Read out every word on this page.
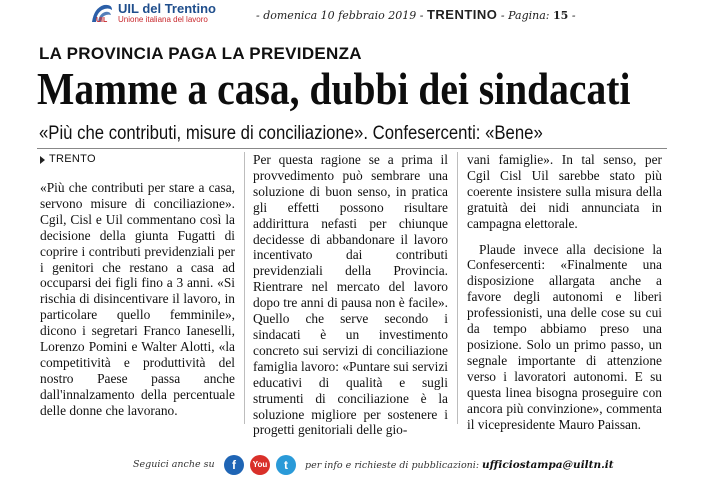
UIL
UIL del Trentino
Unione italiana del lavoro	- domenica 10 febbraio 2019 - TRENTINO - Pagina: 15 -
LA PROVINCIA PAGA LA PREVIDENZA
Mamme a casa, dubbi dei sindacati
«Più che contributi, misure di conciliazione». Confesercenti: «Bene»
TRENTO

«Più che contributi per stare a casa, servono misure di conciliazione». Cgil, Cisl e Uil commentano così la decisione della giunta Fugatti di coprire i contributi previdenziali per i genitori che restano a casa ad occuparsi dei figli fino a 3 anni. «Si rischia di disincentivare il lavoro, in particolare quello femminile», dicono i segretari Franco Ianeselli, Lorenzo Pomini e Walter Alotti, «la competitività e produttività del nostro Paese passa anche dall'innalzamento della percentuale delle donne che lavorano.

Per questa ragione se a prima il provvedimento può sembrare una soluzione di buon senso, in pratica gli effetti possono risultare addirittura nefasti per chiunque decidesse di abbandonare il lavoro incentivato dai contributi previdenziali della Provincia. Rientrare nel mercato del lavoro dopo tre anni di pausa non è facile». Quello che serve secondo i sindacati è un investimento concreto sui servizi di conciliazione famiglia lavoro: «Puntare sui servizi educativi di qualità e sugli strumenti di conciliazione è la soluzione migliore per sostenere i progetti genitoriali delle gio-

vani famiglie». In tal senso, per Cgil Cisl Uil sarebbe stato più coerente insistere sulla misura della gratuità dei nidi annunciata in campagna elettorale.

Plaude invece alla decisione la Confesercenti: «Finalmente una disposizione allargata anche a favore degli autonomi e liberi professionisti, una delle cose su cui da tempo abbiamo preso una posizione. Solo un primo passo, un segnale importante di attenzione verso i lavoratori autonomi. E su questa linea bisogna proseguire con ancora più convinzione», commenta il vicepresidente Mauro Paissan.

Seguici anche su	f	You	t	per info e richieste di pubblicazioni: ufficiostampa@uiltn.it
